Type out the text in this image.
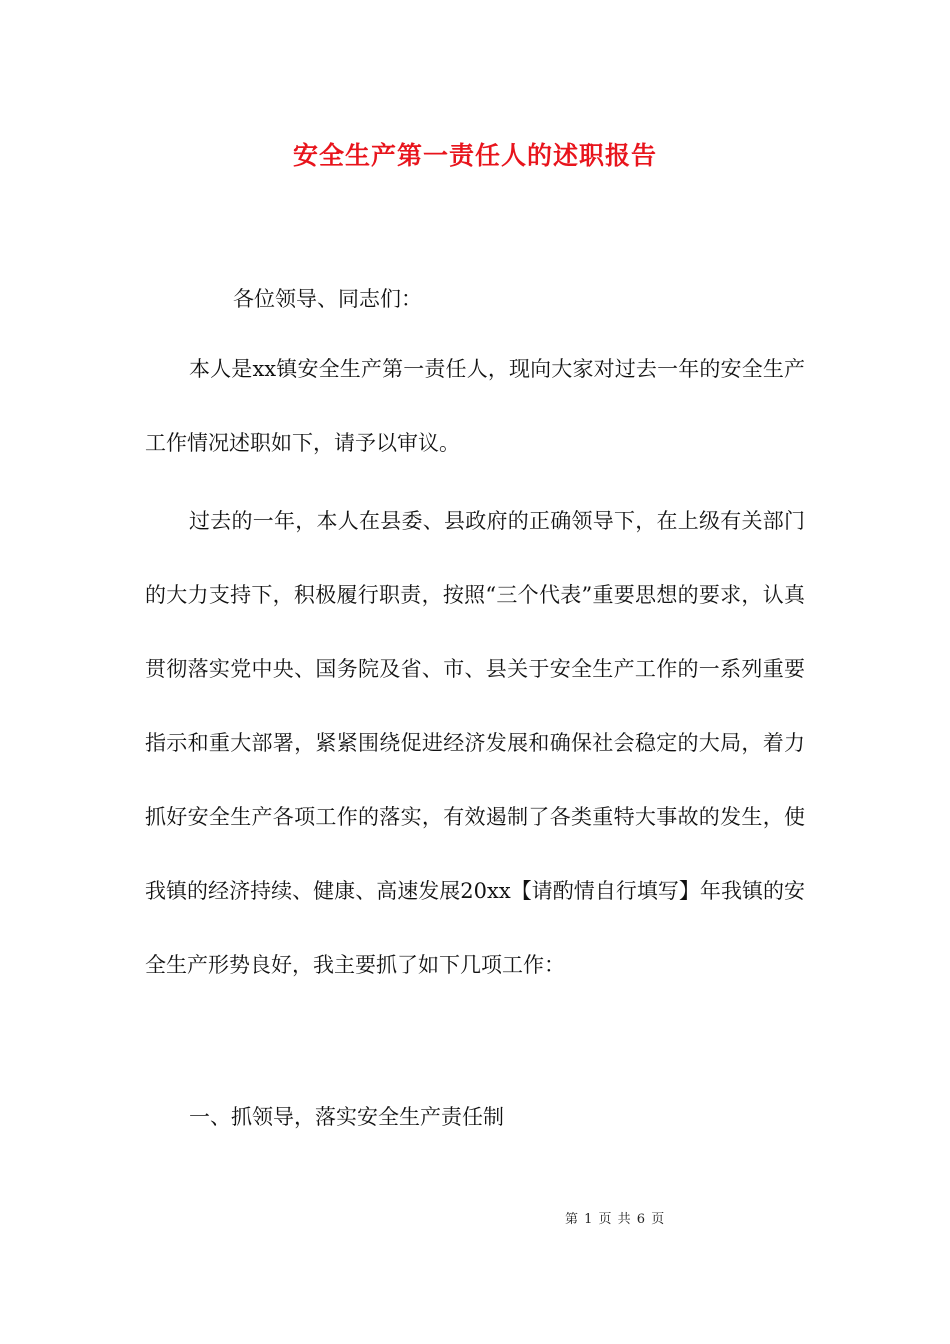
安全生产第一责任人的述职报告
各位领导、同志们：
本人是xx镇安全生产第一责任人，现向大家对过去一年的安全生产工作情况述职如下，请予以审议。
过去的一年，本人在县委、县政府的正确领导下，在上级有关部门的大力支持下，积极履行职责，按照“三个代表”重要思想的要求，认真贯彻落实党中央、国务院及省、市、县关于安全生产工作的一系列重要指示和重大部署，紧紧围绕促进经济发展和确保社会稳定的大局，着力抓好安全生产各项工作的落实，有效遏制了各类重特大事故的发生，使我镇的经济持续、健康、高速发展20xx【请酌情自行填写】年我镇的安全生产形势良好，我主要抓了如下几项工作：
一、抓领导，落实安全生产责任制
第 1 页 共 6 页
